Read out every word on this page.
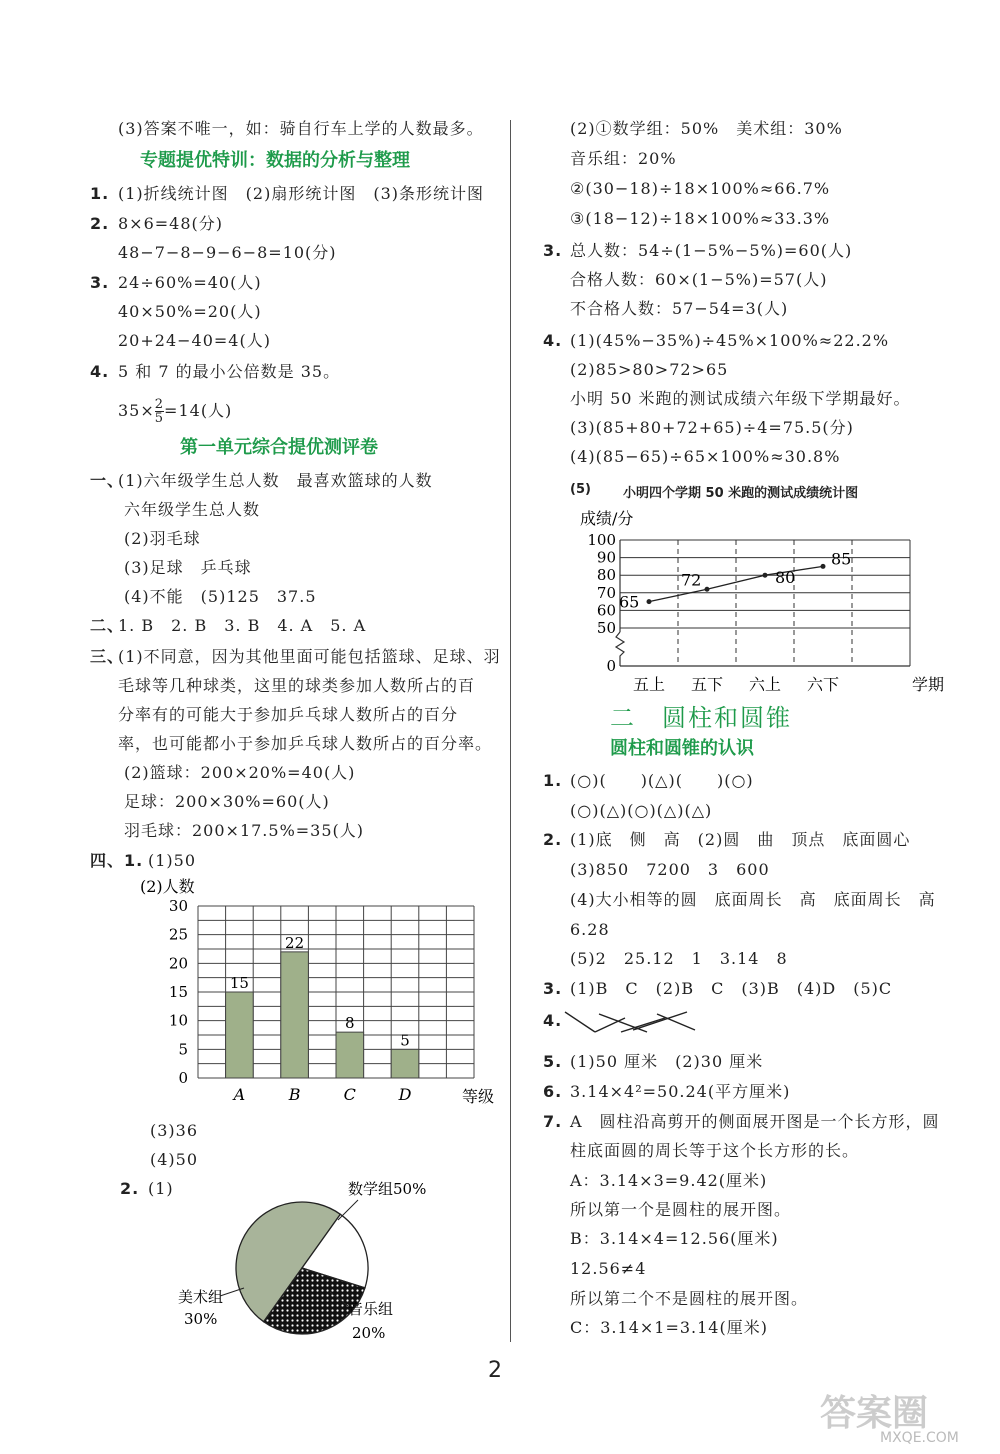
(3)答案不唯一，如：骑自行车上学的人数最多。
专题提优特训：数据的分析与整理
1. (1)折线统计图　(2)扇形统计图　(3)条形统计图
2. 8×6=48(分)
48−7−8−9−6−8=10(分)
3. 24÷60%=40(人)
40×50%=20(人)
20+24−40=4(人)
4. 5 和 7 的最小公倍数是 35。
$35\times \frac{2}{5} =14$(人)
第一单元综合提优测评卷
一、
(1)六年级学生总人数　最喜欢篮球的人数
六年级学生总人数
(2)羽毛球
(3)足球　乒乓球
(4)不能　(5)125　37.5
二、
1. B　2. B　3. B　4. A　5. A
三、
(1)不同意，因为其他里面可能包括篮球、足球、羽
毛球等几种球类，这里的球类参加人数所占的百
分率有的可能大于参加乒乓球人数所占的百分
率，也可能都小于参加乒乓球人数所占的百分率。
(2)篮球：200×20%=40(人)
足球：200×30%=60(人)
羽毛球：200×17.5%=35(人)
四、1. (1)50
(2)人数
0
5
10
15
20
25
30
15
A
22
B
8
C
5
D	等级
(3)36
(4)50
2. (1)	数学组50%
美术组
30%
音乐组
20%
(2)①数学组：50%　美术组：30%
音乐组：20%
②(30−18)÷18×100%≈66.7%
③(18−12)÷18×100%≈33.3%
3. 总人数：54÷(1−5%−5%)=60(人)
合格人数：60×(1−5%)=57(人)
不合格人数：57−54=3(人)
4. (1)(45%−35%)÷45%×100%≈22.2%
(2)85>80>72>65
小明 50 米跑的测试成绩六年级下学期最好。
(3)(85+80+72+65)÷4=75.5(分)
(4)(85−65)÷65×100%≈30.8%
(5) 小明四个学期 50 米跑的测试成绩统计图
成绩/分
0
50
60
70
80
90
100
65
72	80
85
五上 五下 六上 六下	学期
二　圆柱和圆锥
圆柱和圆锥的认识
1. (○)(　　)(△)(　　)(○)
(○)(△)(○)(△)(△)
2. (1)底　侧　高　(2)圆　曲　顶点　底面圆心
(3)850　7200　3　600
(4)大小相等的圆　底面周长　高　底面周长　高
6.28
(5)2　25.12　1　3.14　8
3. (1)B　C　(2)B　C　(3)B　(4)D　(5)C
4.
5. (1)50 厘米　(2)30 厘米
6. 3.14×4²=50.24(平方厘米)
7. A　圆柱沿高剪开的侧面展开图是一个长方形，圆
柱底面圆的周长等于这个长方形的长。
A：3.14×3=9.42(厘米)
所以第一个是圆柱的展开图。
B：3.14×4=12.56(厘米)
12.56≠4
所以第二个不是圆柱的展开图。
C：3.14×1=3.14(厘米)
2
答案圈
MXQE.COM
